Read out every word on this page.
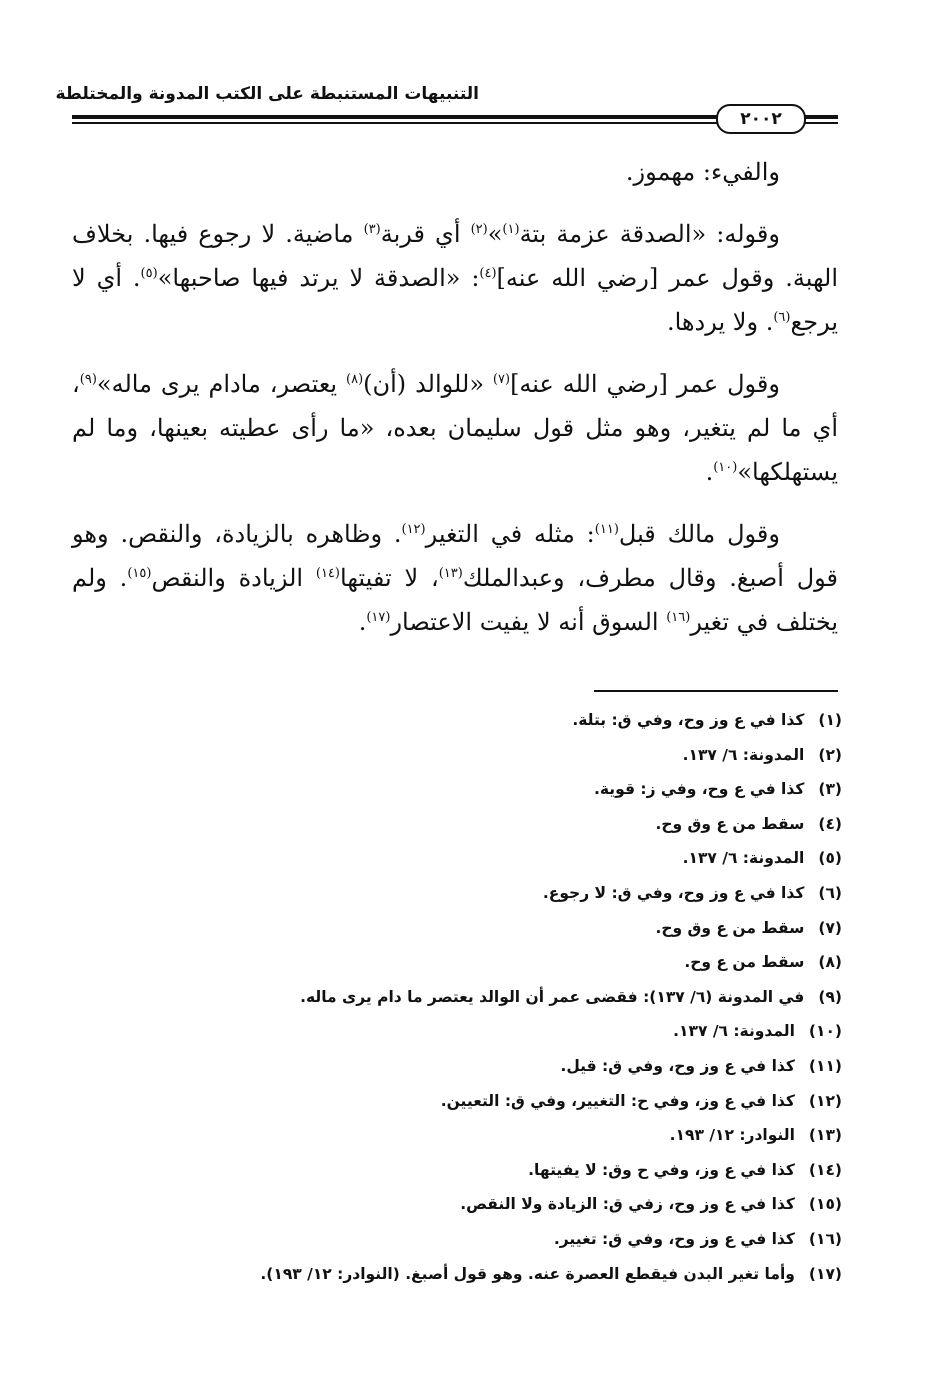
التنبيهات المستنبطة على الكتب المدونة والمختلطة
٢٠٠٢

والفيء: مهموز.

وقوله: «الصدقة عزمة بتة$^{(١)}$»$^{(٢)}$ أي قربة$^{(٣)}$ ماضية. لا رجوع فيها. بخلاف الهبة. وقول عمر [رضي الله عنه]$^{(٤)}$: «الصدقة لا يرتد فيها صاحبها»$^{(٥)}$. أي لا يرجع$^{(٦)}$. ولا يردها.

وقول عمر [رضي الله عنه]$^{(٧)}$ «للوالد (أن)$^{(٨)}$ يعتصر، مادام يرى ماله»$^{(٩)}$، أي ما لم يتغير، وهو مثل قول سليمان بعده، «ما رأى عطيته بعينها، وما لم يستهلكها»$^{(١٠)}$.

وقول مالك قبل$^{(١١)}$: مثله في التغير$^{(١٢)}$. وظاهره بالزيادة، والنقص. وهو قول أصبغ. وقال مطرف، وعبدالملك$^{(١٣)}$، لا تفيتها$^{(١٤)}$ الزيادة والنقص$^{(١٥)}$. ولم يختلف في تغير$^{(١٦)}$ السوق أنه لا يفيت الاعتصار$^{(١٧)}$.

(١)
كذا في ع وز وح، وفي ق: بتلة.
(٢)
المدونة: ٦/ ١٣٧.
(٣)
كذا في ع وح، وفي ز: قوية.
(٤)
سقط من ع وق وح.
(٥)
المدونة: ٦/ ١٣٧.
(٦)
كذا في ع وز وح، وفي ق: لا رجوع.
(٧)
سقط من ع وق وح.
(٨)
سقط من ع وح.
(٩)
في المدونة (٦/ ١٣٧): فقضى عمر أن الوالد يعتصر ما دام يرى ماله.
(١٠)
المدونة: ٦/ ١٣٧.
(١١)
كذا في ع وز وح، وفي ق: قيل.
(١٢)
كذا في ع وز، وفي ح: التغيير، وفي ق: التعيين.
(١٣)
النوادر: ١٢/ ١٩٣.
(١٤)
كذا في ع وز، وفي ح وق: لا يفيتها.
(١٥)
كذا في ع وز وح، زفي ق: الزيادة ولا النقص.
(١٦)
كذا في ع وز وح، وفي ق: تغيير.
(١٧)
وأما تغير البدن فيقطع العصرة عنه. وهو قول أصبغ. (النوادر: ١٢/ ١٩٣).
